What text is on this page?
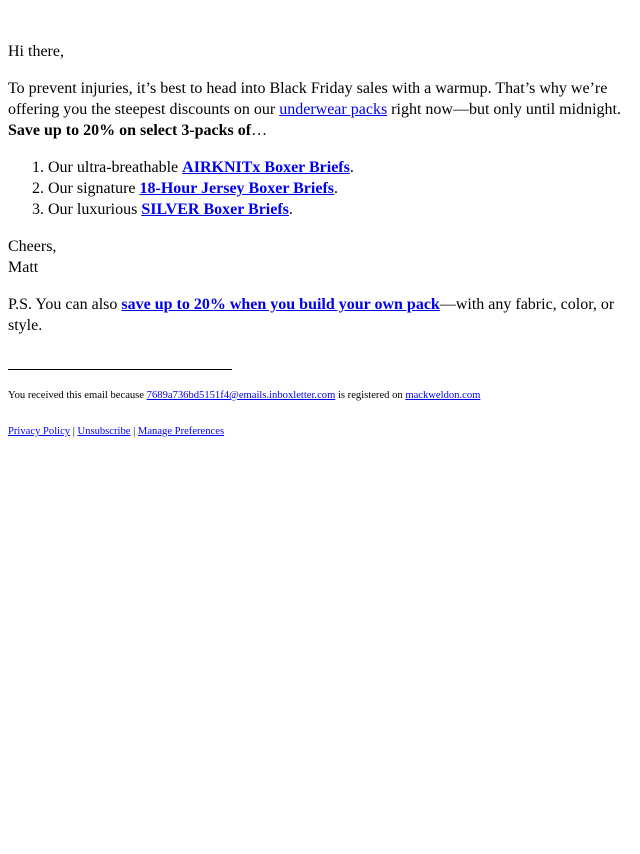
Hi there,

To prevent injuries, it’s best to head into Black Friday sales with a warmup. That’s why we’re offering you the steepest discounts on our underwear packs right now—but only until midnight. Save up to 20% on select 3-packs of…

1. Our ultra-breathable AIRKNITx Boxer Briefs.
2. Our signature 18-Hour Jersey Boxer Briefs.
3. Our luxurious SILVER Boxer Briefs.

Cheers,
Matt

P.S. You can also save up to 20% when you build your own pack—with any fabric, color, or style.

You received this email because 7689a736bd5151f4@emails.inboxletter.com is registered on mackweldon.com

Privacy Policy | Unsubscribe | Manage Preferences
